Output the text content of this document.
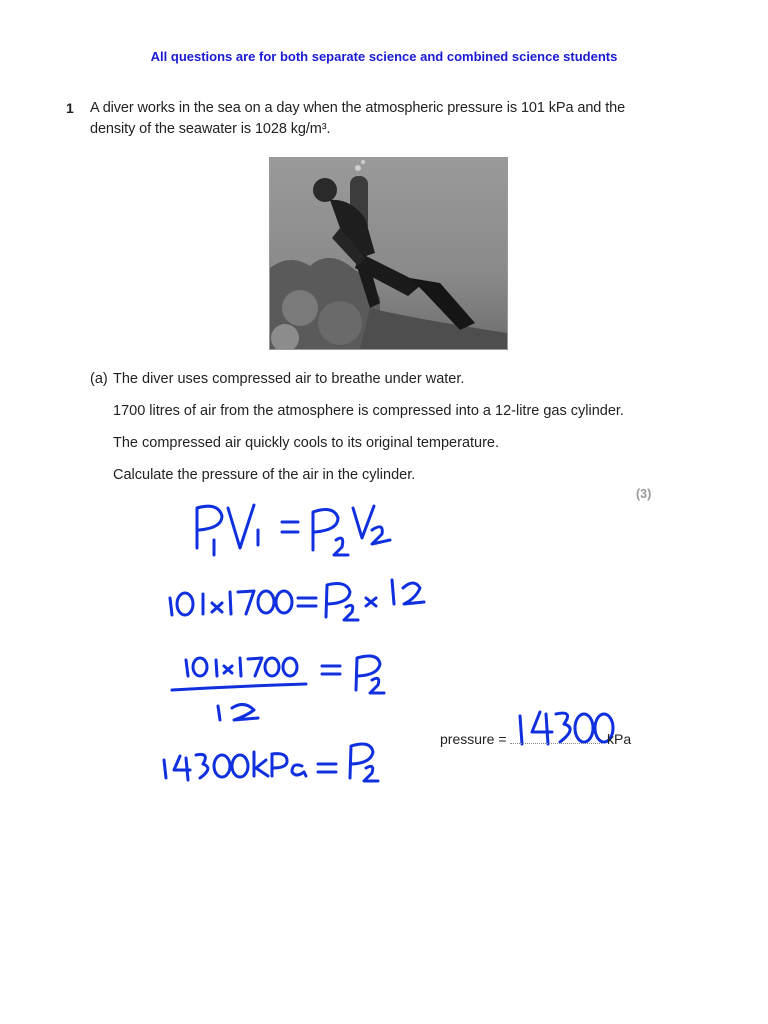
All questions are for both separate science and combined science students
1 A diver works in the sea on a day when the atmospheric pressure is 101 kPa and the density of the seawater is 1028 kg/m³.
(a) The diver uses compressed air to breathe under water.
1700 litres of air from the atmosphere is compressed into a 12-litre gas cylinder.
The compressed air quickly cools to its original temperature.
Calculate the pressure of the air in the cylinder.
(3)
pressure =	kPa
